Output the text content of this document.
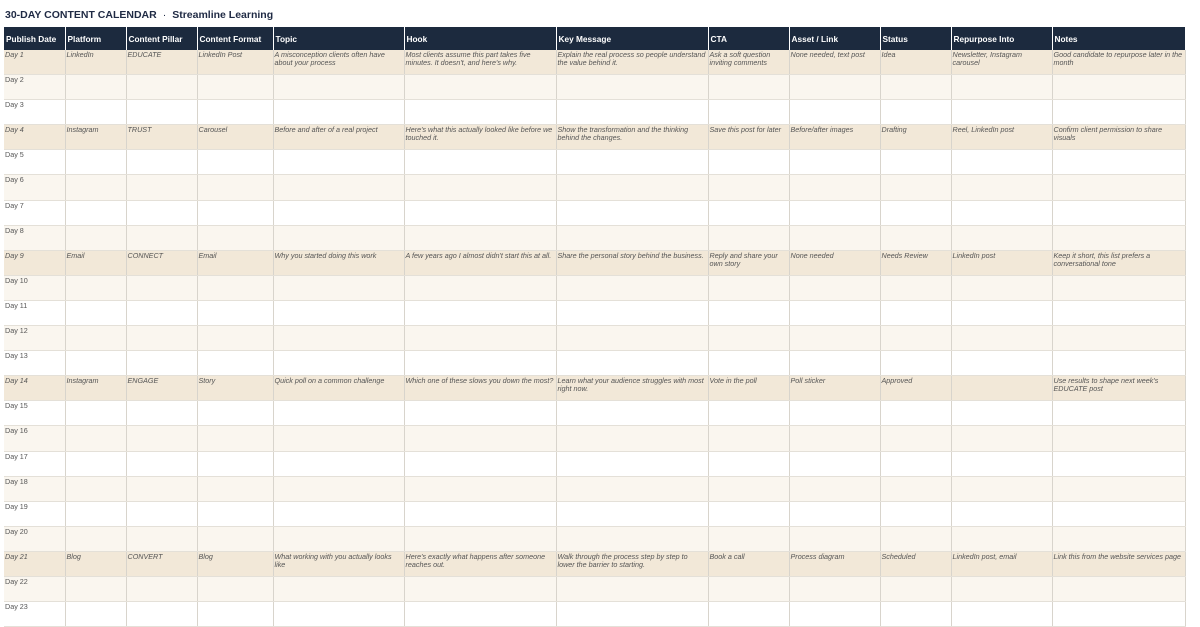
30-DAY CONTENT CALENDAR · Streamline Learning
Publish Date	Platform	Content Pillar	Content Format	Topic	Hook	Key Message	CTA	Asset / Link	Status	Repurpose Into	Notes
Day 1	LinkedIn	EDUCATE	LinkedIn Post	A misconception clients often have about your process	Most clients assume this part takes five minutes. It doesn't, and here's why.	Explain the real process so people understand the value behind it.	Ask a soft question inviting comments	None needed, text post	Idea	Newsletter, Instagram carousel	Good candidate to repurpose later in the month
Day 2											
Day 3											
Day 4	Instagram	TRUST	Carousel	Before and after of a real project	Here's what this actually looked like before we touched it.	Show the transformation and the thinking behind the changes.	Save this post for later	Before/after images	Drafting	Reel, LinkedIn post	Confirm client permission to share visuals
Day 5											
Day 6											
Day 7											
Day 8											
Day 9	Email	CONNECT	Email	Why you started doing this work	A few years ago I almost didn't start this at all.	Share the personal story behind the business.	Reply and share your own story	None needed	Needs Review	LinkedIn post	Keep it short, this list prefers a conversational tone
Day 10											
Day 11											
Day 12											
Day 13											
Day 14	Instagram	ENGAGE	Story	Quick poll on a common challenge	Which one of these slows you down the most?	Learn what your audience struggles with most right now.	Vote in the poll	Poll sticker	Approved		Use results to shape next week's EDUCATE post
Day 15											
Day 16											
Day 17											
Day 18											
Day 19											
Day 20											
Day 21	Blog	CONVERT	Blog	What working with you actually looks like	Here's exactly what happens after someone reaches out.	Walk through the process step by step to lower the barrier to starting.	Book a call	Process diagram	Scheduled	LinkedIn post, email	Link this from the website services page
Day 22											
Day 23											
